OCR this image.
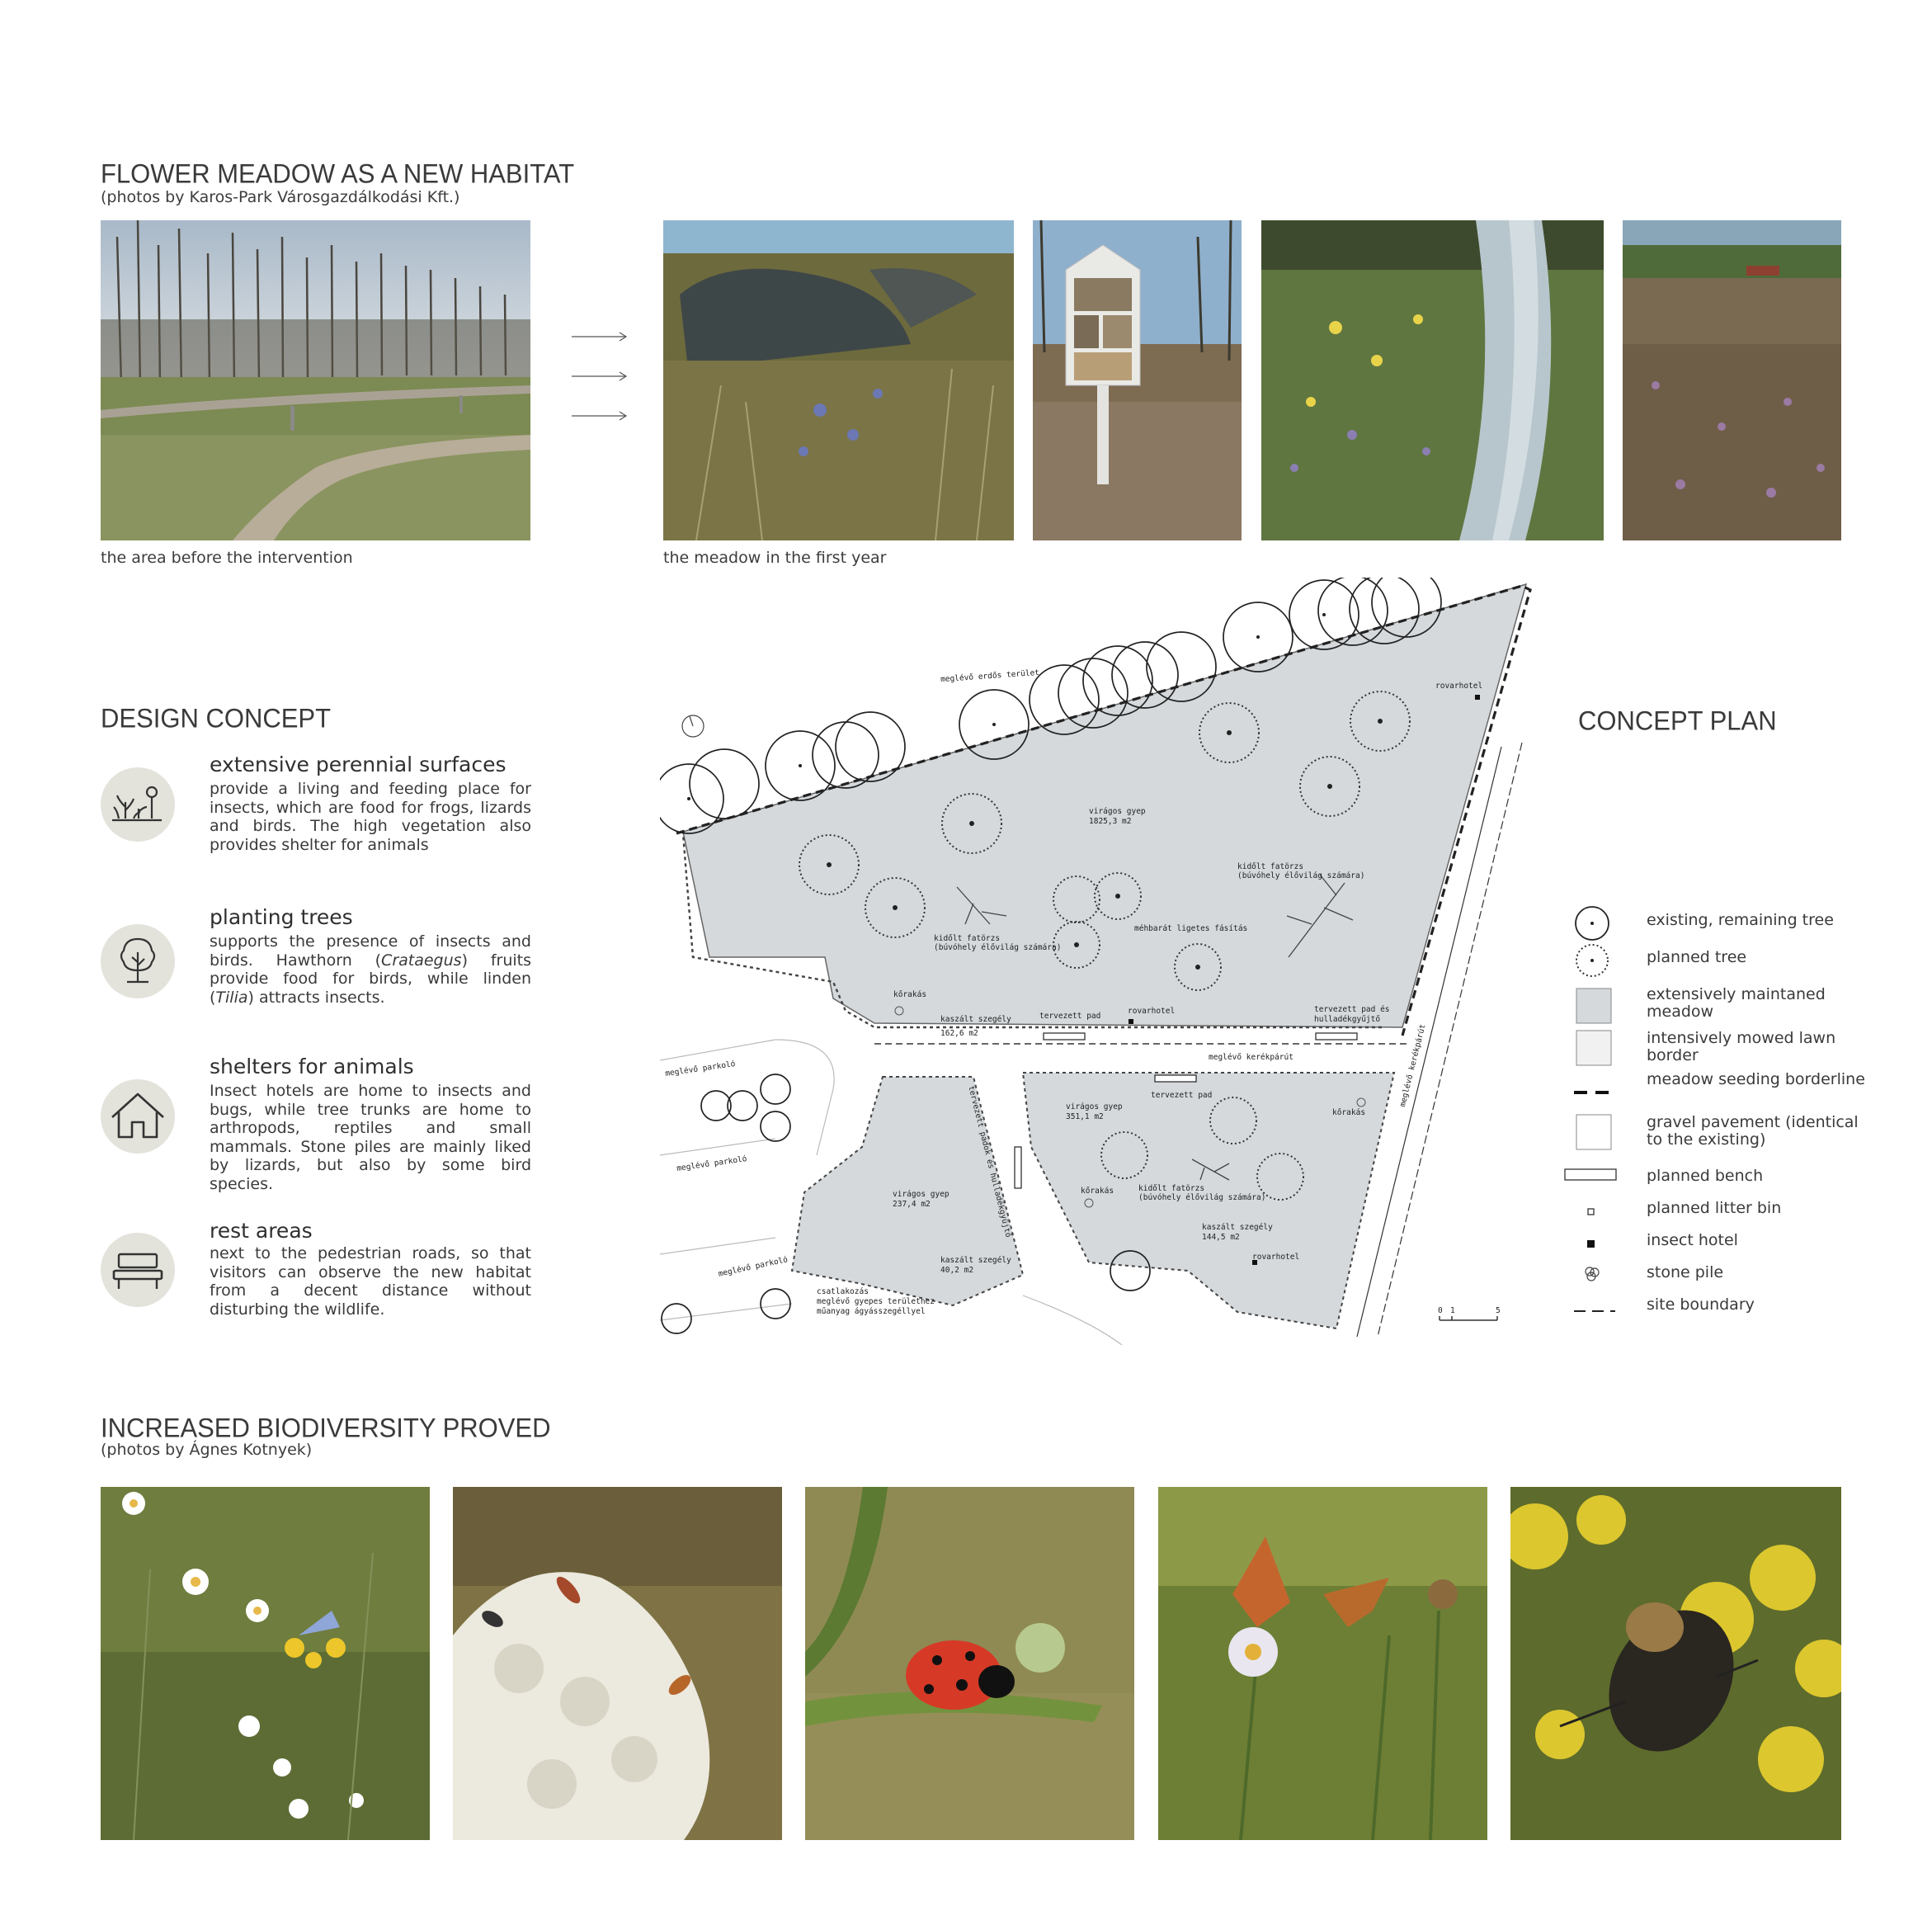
FLOWER MEADOW AS A NEW HABITAT
(photos by Karos-Park Városgazdálkodási Kft.)
the area before the intervention	the meadow in the first year
DESIGN CONCEPT
extensive perennial surfaces
provide a living and feeding place for insects, which are food for frogs, lizards and birds. The high vegetation also provides shelter for animals
planting trees
supports the presence of insects and birds. Hawthorn (Crataegus) fruits provide food for birds, while linden (Tilia) attracts insects.
shelters for animals
Insect hotels are home to insects and bugs, while tree trunks are home to arthropods, reptiles and small mammals. Stone piles are mainly liked by lizards, but also by some bird species.
rest areas
next to the pedestrian roads, so that visitors can observe the new habitat from a decent distance without disturbing the wildlife.
CONCEPT PLAN
meglévő erdős terület
rovarhotel
virágos gyep
1825,3 m2
kidőlt fatörzs
(búvóhely élővilág számára)
méhbarát ligetes fásítás
kidőlt fatörzs
(búvóhely élővilág számára)
kőrakás
kaszált szegély
162,6 m2
tervezett pad
rovarhotel	tervezett pad és
hulladékgyűjtő
meglévő kerékpárút	meglévő kerékpárút
tervezett pad
virágos gyep
351,1 m2	kőrakás
kőrakás	kidőlt fatörzs
(búvóhely élővilág számára)
kaszált szegély
144,5 m2
rovarhotel
meglévő parkoló
meglévő parkoló
meglévő parkoló
tervezett padok és hulladékgyűjtő
virágos gyep
237,4 m2
kaszált szegély
40,2 m2
csatlakozás
meglévő gyepes területhez
műanyag ágyásszegéllyel	0 1	5
existing, remaining tree
planned tree
extensively maintaned meadow
intensively mowed lawn border
meadow seeding borderline
gravel pavement (identical to the existing)
planned bench
planned litter bin
insect hotel
stone pile
site boundary
INCREASED BIODIVERSITY PROVED
(photos by Ágnes Kotnyek)
